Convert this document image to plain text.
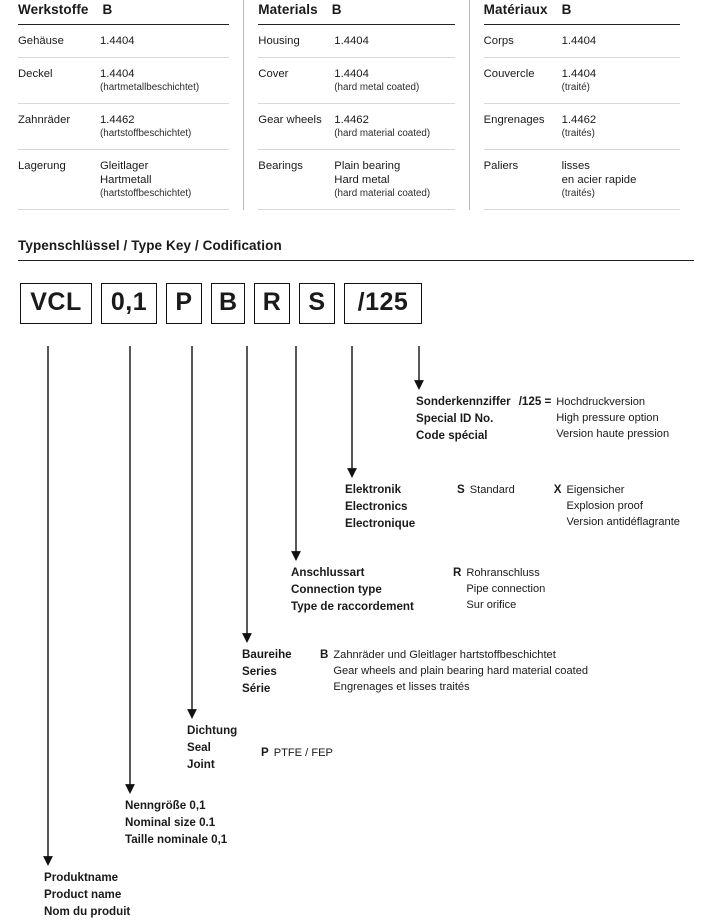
Werkstoffe B
Gehäuse	1.4404
Deckel	1.4404
(hartmetallbeschichtet)
Zahnräder	1.4462
(hartstoffbeschichtet)
Lagerung	Gleitlager
Hartmetall
(hartstoffbeschichtet)
Materials B
Housing	1.4404
Cover	1.4404
(hard metal coated)
Gear wheels	1.4462
(hard material coated)
Bearings	Plain bearing
Hard metal
(hard material coated)
Matériaux B
Corps	1.4404
Couvercle	1.4404
(traité)
Engrenages	1.4462
(traités)
Paliers	lisses
en acier rapide
(traités)
Typenschlüssel / Type Key / Codification
VCL	0,1	P	B	R	S	/125
Sonderkennziffer
Special ID No.
Code spécial
/125 = Hochdruckversion
High pressure option
Version haute pression
Elektronik
Electronics
Electronique
S Standard	X Eigensicher
Explosion proof
Version antidéflagrante
Anschlussart
Connection type
Type de raccordement
R Rohranschluss
Pipe connection
Sur orifice
Baureihe
Series
Série
B Zahnräder und Gleitlager hartstoffbeschichtet
Gear wheels and plain bearing hard material coated
Engrenages et lisses traités
Dichtung
Seal
Joint
P PTFE / FEP
Nenngröße 0,1
Nominal size 0.1
Taille nominale 0,1
Produktname
Product name
Nom du produit
